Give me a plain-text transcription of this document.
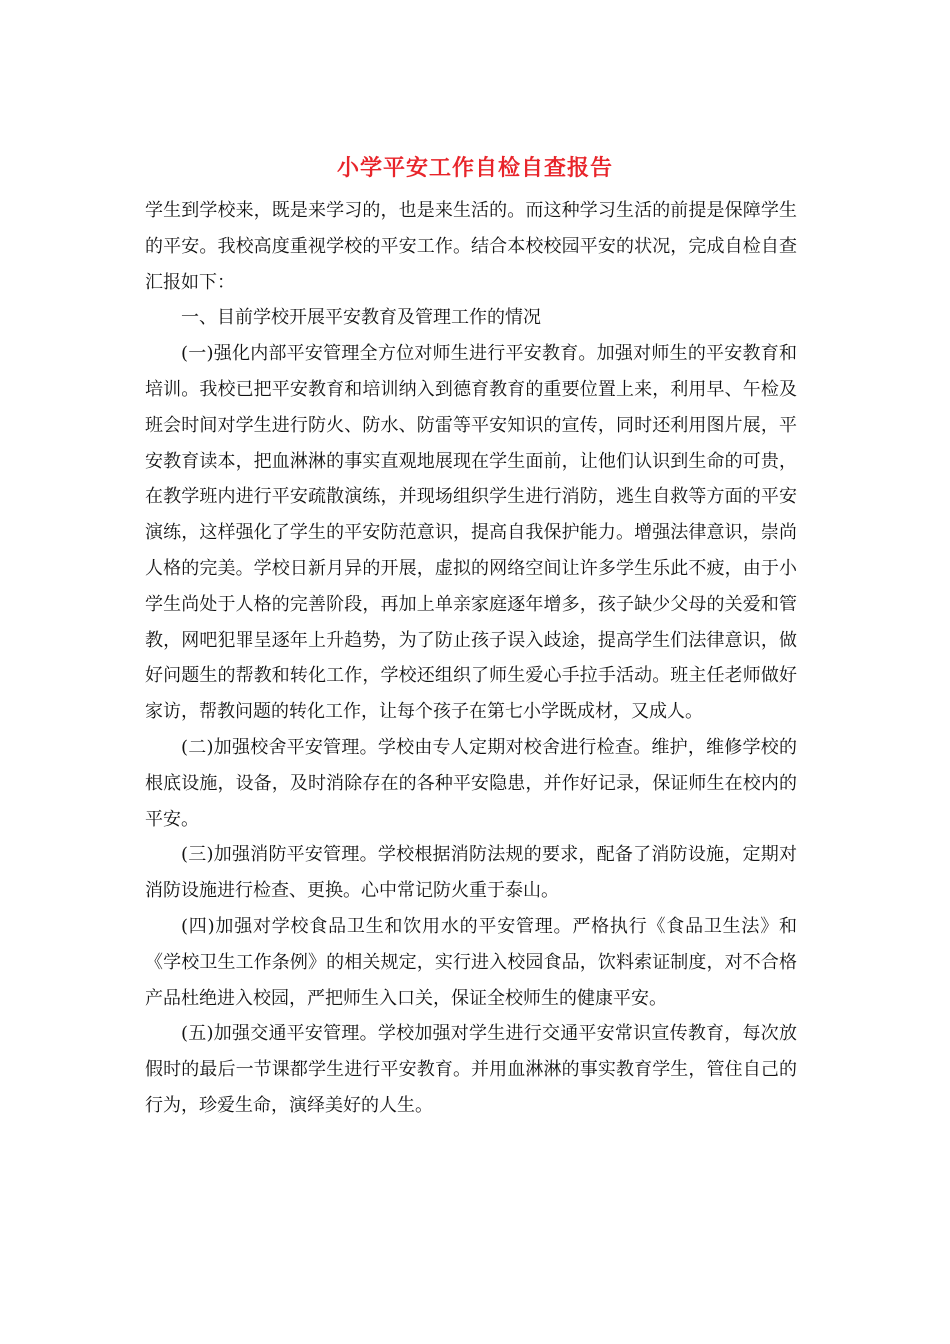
小学平安工作自检自查报告

学生到学校来，既是来学习的，也是来生活的。而这种学习生活的前提是保障学生的平安。我校高度重视学校的平安工作。结合本校校园平安的状况，完成自检自查汇报如下：

一、目前学校开展平安教育及管理工作的情况

(一)强化内部平安管理全方位对师生进行平安教育。加强对师生的平安教育和培训。我校已把平安教育和培训纳入到德育教育的重要位置上来，利用早、午检及班会时间对学生进行防火、防水、防雷等平安知识的宣传，同时还利用图片展，平安教育读本，把血淋淋的事实直观地展现在学生面前，让他们认识到生命的可贵，在教学班内进行平安疏散演练，并现场组织学生进行消防，逃生自救等方面的平安演练，这样强化了学生的平安防范意识，提高自我保护能力。增强法律意识，崇尚人格的完美。学校日新月异的开展，虚拟的网络空间让许多学生乐此不疲，由于小学生尚处于人格的完善阶段，再加上单亲家庭逐年增多，孩子缺少父母的关爱和管教，网吧犯罪呈逐年上升趋势，为了防止孩子误入歧途，提高学生们法律意识，做好问题生的帮教和转化工作，学校还组织了师生爱心手拉手活动。班主任老师做好家访，帮教问题的转化工作，让每个孩子在第七小学既成材，又成人。

(二)加强校舍平安管理。学校由专人定期对校舍进行检查。维护，维修学校的根底设施，设备，及时消除存在的各种平安隐患，并作好记录，保证师生在校内的平安。

(三)加强消防平安管理。学校根据消防法规的要求，配备了消防设施，定期对消防设施进行检查、更换。心中常记防火重于泰山。

(四)加强对学校食品卫生和饮用水的平安管理。严格执行《食品卫生法》和《学校卫生工作条例》的相关规定，实行进入校园食品，饮料索证制度，对不合格产品杜绝进入校园，严把师生入口关，保证全校师生的健康平安。

(五)加强交通平安管理。学校加强对学生进行交通平安常识宣传教育，每次放假时的最后一节课都学生进行平安教育。并用血淋淋的事实教育学生，管住自己的行为，珍爱生命，演绎美好的人生。
